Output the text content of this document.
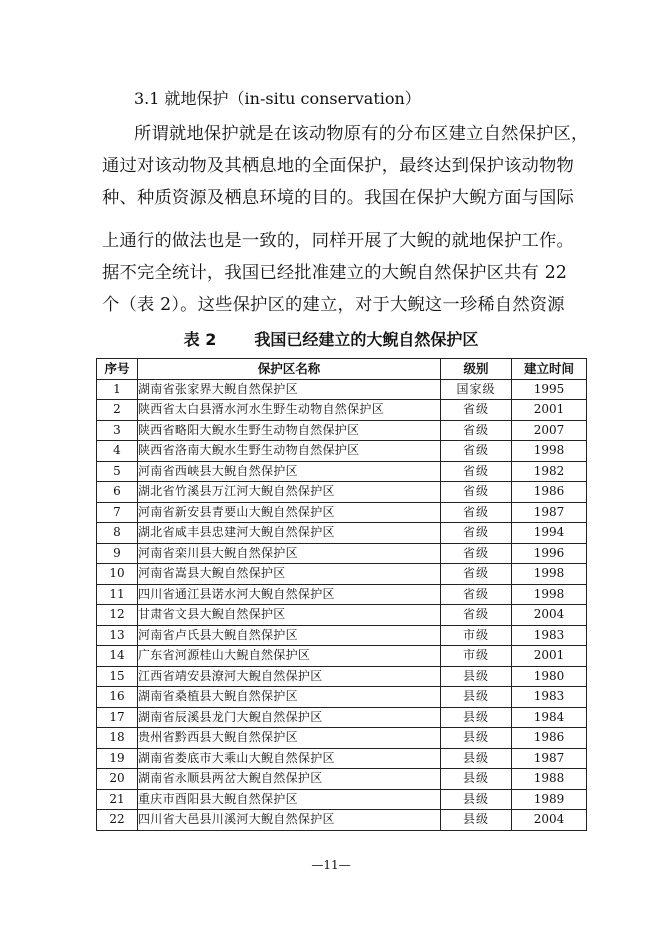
3.1 就地保护（in-situ conservation）
所谓就地保护就是在该动物原有的分布区建立自然保护区，
通过对该动物及其栖息地的全面保护，最终达到保护该动物物
种、种质资源及栖息环境的目的。我国在保护大鲵方面与国际
上通行的做法也是一致的，同样开展了大鲵的就地保护工作。
据不完全统计，我国已经批准建立的大鲵自然保护区共有 22
个（表 2）。这些保护区的建立，对于大鲵这一珍稀自然资源
表 2 我国已经建立的大鲵自然保护区
序号	保护区名称	级别	建立时间
1	湖南省张家界大鲵自然保护区	国家级	1995
2	陕西省太白县湑水河水生野生动物自然保护区	省级	2001
3	陕西省略阳大鲵水生野生动物自然保护区	省级	2007
4	陕西省洛南大鲵水生野生动物自然保护区	省级	1998
5	河南省西峡县大鲵自然保护区	省级	1982
6	湖北省竹溪县万江河大鲵自然保护区	省级	1986
7	河南省新安县青要山大鲵自然保护区	省级	1987
8	湖北省咸丰县忠建河大鲵自然保护区	省级	1994
9	河南省栾川县大鲵自然保护区	省级	1996
10	河南省嵩县大鲵自然保护区	省级	1998
11	四川省通江县诺水河大鲵自然保护区	省级	1998
12	甘肃省文县大鲵自然保护区	省级	2004
13	河南省卢氏县大鲵自然保护区	市级	1983
14	广东省河源桂山大鲵自然保护区	市级	2001
15	江西省靖安县潦河大鲵自然保护区	县级	1980
16	湖南省桑植县大鲵自然保护区	县级	1983
17	湖南省辰溪县龙门大鲵自然保护区	县级	1984
18	贵州省黔西县大鲵自然保护区	县级	1986
19	湖南省娄底市大乘山大鲵自然保护区	县级	1987
20	湖南省永顺县两岔大鲵自然保护区	县级	1988
21	重庆市酉阳县大鲵自然保护区	县级	1989
22	四川省大邑县川溪河大鲵自然保护区	县级	2004
—11—
